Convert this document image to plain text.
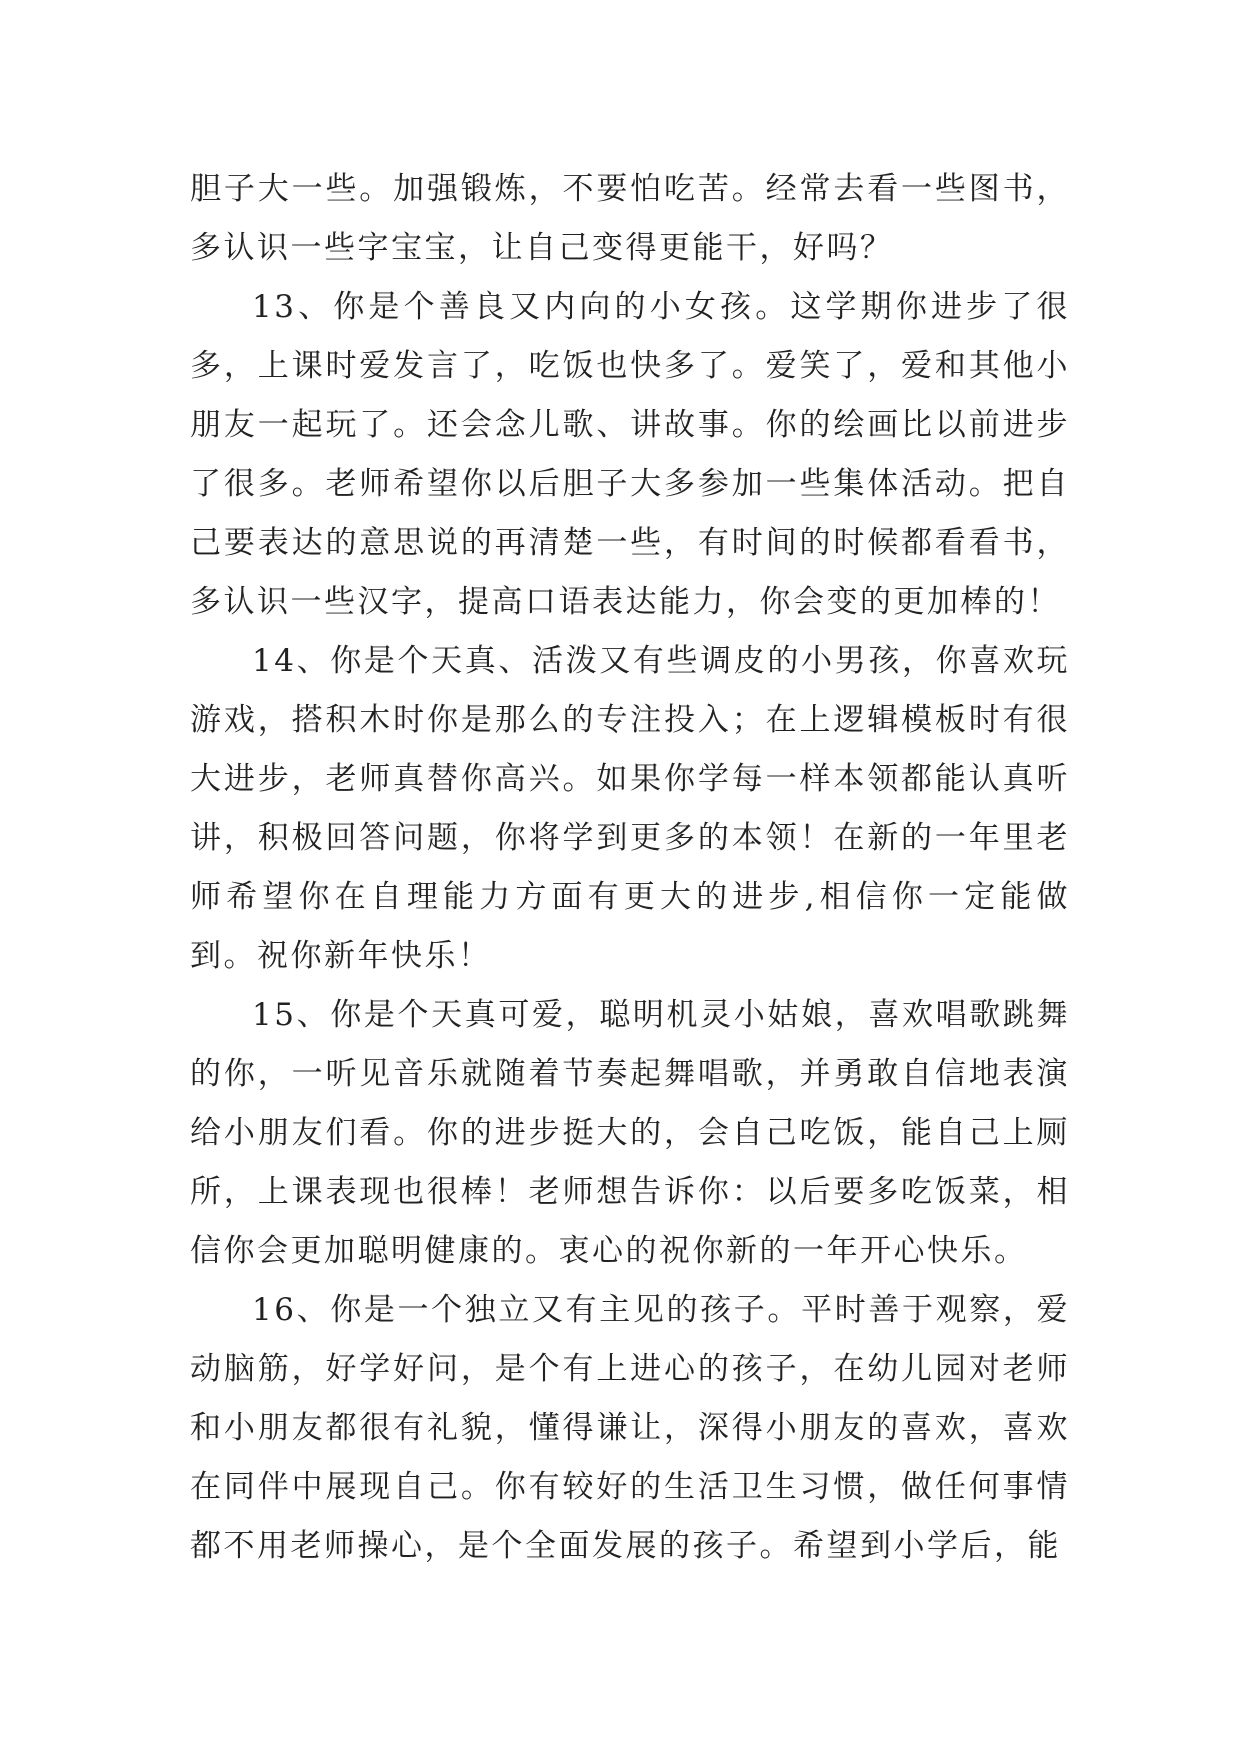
胆子大一些。加强锻炼，不要怕吃苦。经常去看一些图书，多认识一些字宝宝，让自己变得更能干，好吗？

13、你是个善良又内向的小女孩。这学期你进步了很多，上课时爱发言了，吃饭也快多了。爱笑了，爱和其他小朋友一起玩了。还会念儿歌、讲故事。你的绘画比以前进步了很多。老师希望你以后胆子大多参加一些集体活动。把自己要表达的意思说的再清楚一些，有时间的时候都看看书，多认识一些汉字，提高口语表达能力，你会变的更加棒的！

14、你是个天真、活泼又有些调皮的小男孩，你喜欢玩游戏，搭积木时你是那么的专注投入；在上逻辑模板时有很大进步，老师真替你高兴。如果你学每一样本领都能认真听讲，积极回答问题，你将学到更多的本领！在新的一年里老师希望你在自理能力方面有更大的进步,相信你一定能做到。祝你新年快乐！

15、你是个天真可爱，聪明机灵小姑娘，喜欢唱歌跳舞的你，一听见音乐就随着节奏起舞唱歌，并勇敢自信地表演给小朋友们看。你的进步挺大的，会自己吃饭，能自己上厕所，上课表现也很棒！老师想告诉你：以后要多吃饭菜，相信你会更加聪明健康的。衷心的祝你新的一年开心快乐。

16、你是一个独立又有主见的孩子。平时善于观察，爱动脑筋，好学好问，是个有上进心的孩子，在幼儿园对老师和小朋友都很有礼貌，懂得谦让，深得小朋友的喜欢，喜欢在同伴中展现自己。你有较好的生活卫生习惯，做任何事情都不用老师操心，是个全面发展的孩子。希望到小学后，能
